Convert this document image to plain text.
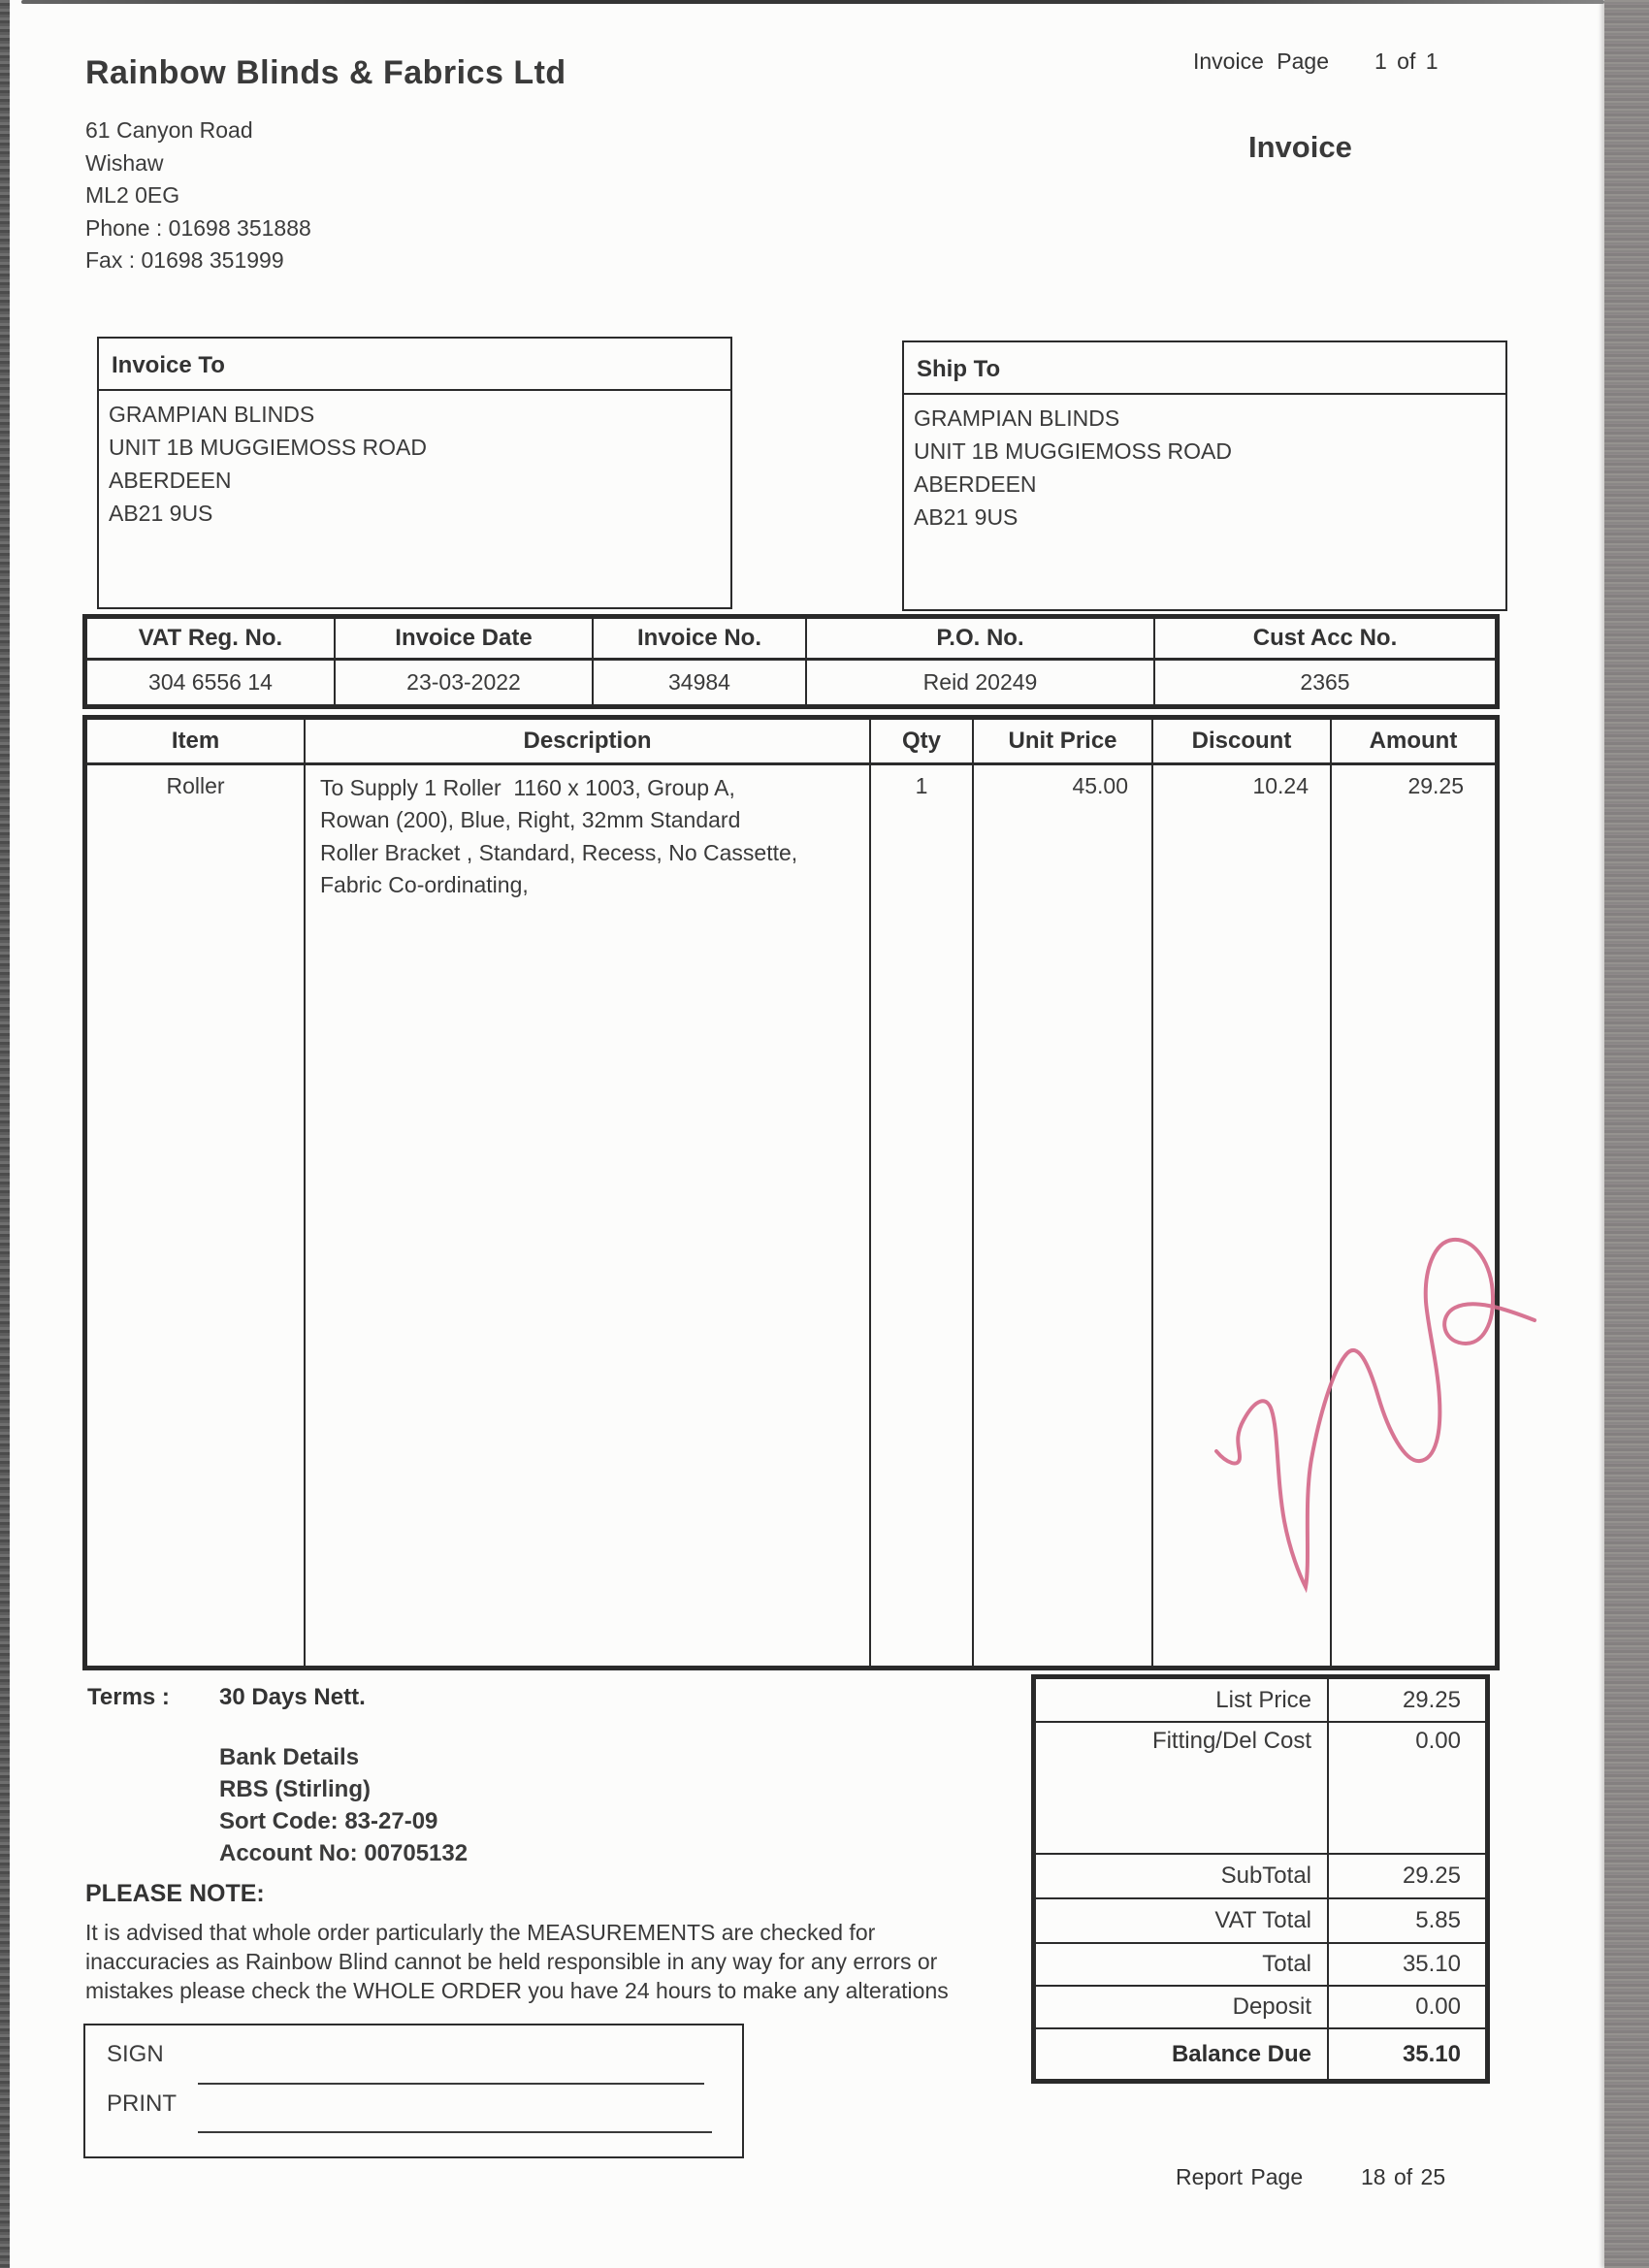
Rainbow Blinds & Fabrics Ltd
61 Canyon Road
Wishaw
ML2 0EG
Phone : 01698 351888
Fax : 01698 351999
Invoice Page 1 of 1
Invoice
Invoice To
GRAMPIAN BLINDS
UNIT 1B MUGGIEMOSS ROAD
ABERDEEN
AB21 9US
Ship To
GRAMPIAN BLINDS
UNIT 1B MUGGIEMOSS ROAD
ABERDEEN
AB21 9US
VAT Reg. No.	Invoice Date	Invoice No.	P.O. No.	Cust Acc No.
304 6556 14	23-03-2022	34984	Reid 20249	2365
Item	Description	Qty	Unit Price	Discount	Amount
Roller	To Supply 1 Roller  1160 x 1003, Group A,
Rowan (200), Blue, Right, 32mm Standard
Roller Bracket , Standard, Recess, No Cassette,
Fabric Co-ordinating,	1	45.00	10.24	29.25
List Price	29.25
Fitting/Del Cost	0.00
SubTotal	29.25
VAT Total	5.85
Total	35.10
Deposit	0.00
Balance Due	35.10
Terms : 30 Days Nett.
Bank Details
RBS (Stirling)
Sort Code: 83-27-09
Account No: 00705132
PLEASE NOTE:
It is advised that whole order particularly the MEASUREMENTS are checked for
inaccuracies as Rainbow Blind cannot be held responsible in any way for any errors or
mistakes please check the WHOLE ORDER you have 24 hours to make any alterations
SIGN
PRINT
Report Page	18 of 25
